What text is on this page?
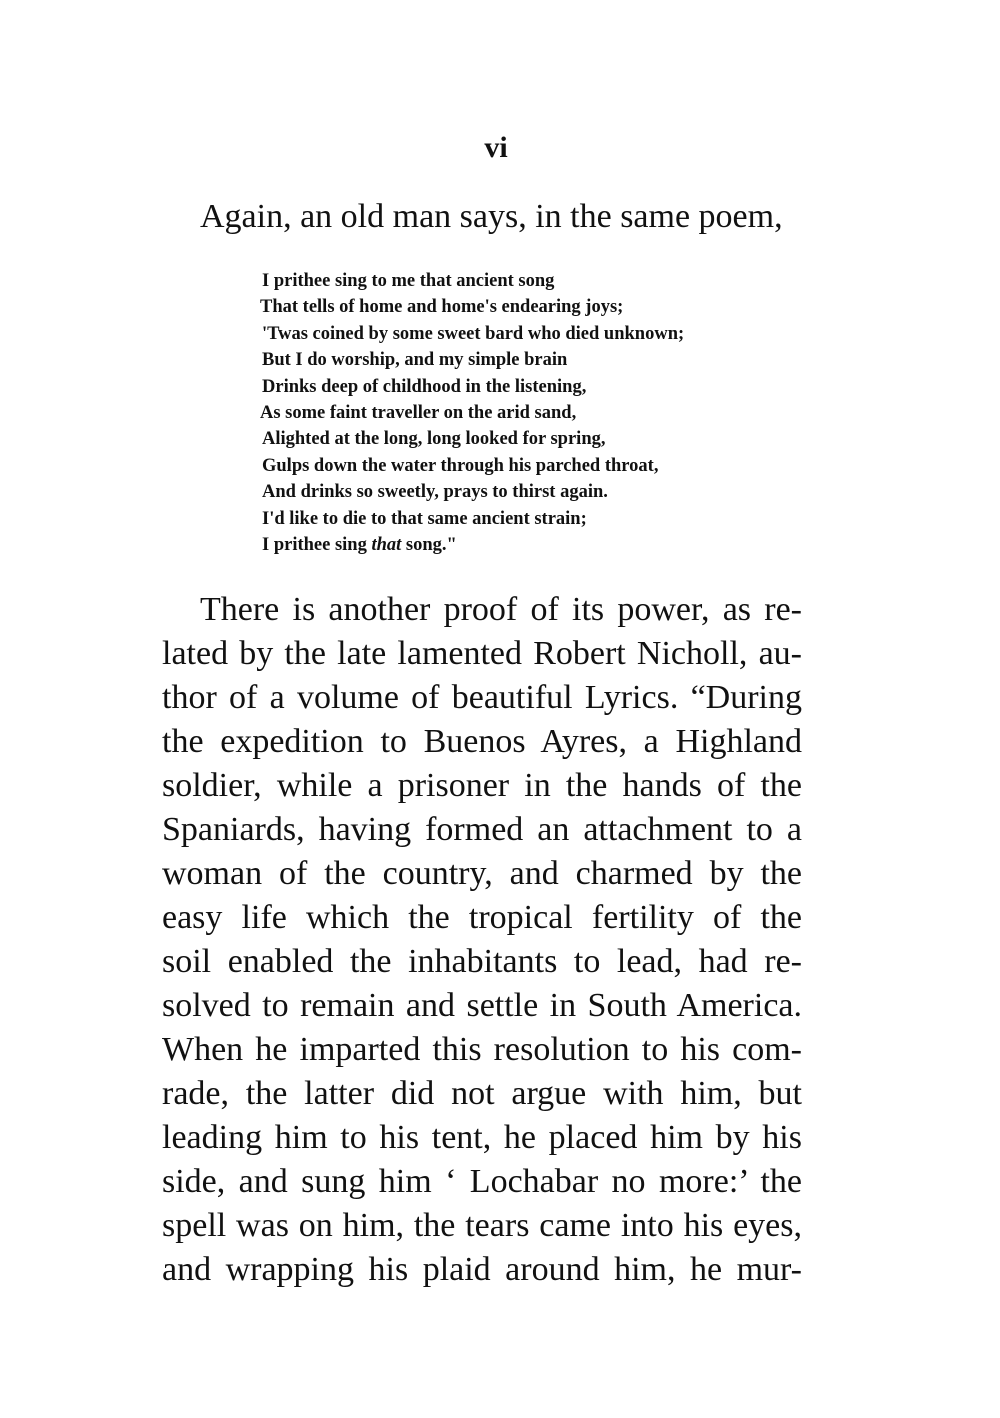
vi
Again, an old man says, in the same poem,
I prithee sing to me that ancient song
That tells of home and home's endearing joys;
'Twas coined by some sweet bard who died unknown;
But I do worship, and my simple brain
Drinks deep of childhood in the listening,
As some faint traveller on the arid sand,
Alighted at the long, long looked for spring,
Gulps down the water through his parched throat,
And drinks so sweetly, prays to thirst again.
I'd like to die to that same ancient strain;
I prithee sing that song."
There is another proof of its power, as re-
lated by the late lamented Robert Nicholl, au-
thor of a volume of beautiful Lyrics. “During
the expedition to Buenos Ayres, a Highland
soldier, while a prisoner in the hands of the
Spaniards, having formed an attachment to a
woman of the country, and charmed by the
easy life which the tropical fertility of the
soil enabled the inhabitants to lead, had re-
solved to remain and settle in South America.
When he imparted this resolution to his com-
rade, the latter did not argue with him, but
leading him to his tent, he placed him by his
side, and sung him ‘ Lochabar no more:’ the
spell was on him, the tears came into his eyes,
and wrapping his plaid around him, he mur-
